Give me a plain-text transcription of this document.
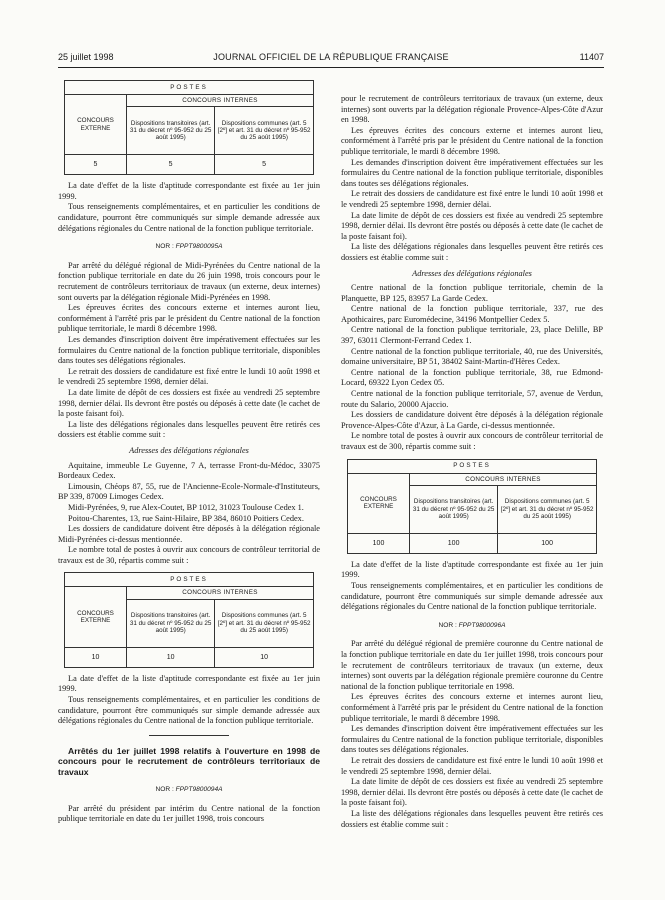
25 juillet 1998	JOURNAL OFFICIEL DE LA RÉPUBLIQUE FRANÇAISE	11407
POSTES		
CONCOURS EXTERNE	CONCOURS INTERNES	
	Dispositions transitoires (art. 31 du décret nº 95-952 du 25 août 1995)	Dispositions communes (art. 5 [2º] et art. 31 du décret nº 95-952 du 25 août 1995)
5	5	5

La date d'effet de la liste d'aptitude correspondante est fixée au 1er juin 1999.

Tous renseignements complémentaires, et en particulier les conditions de candidature, pourront être communiqués sur simple demande adressée aux délégations régionales du Centre national de la fonction publique territoriale.

NOR : FPPT9800095A

Par arrêté du délégué régional de Midi-Pyrénées du Centre national de la fonction publique territoriale en date du 26 juin 1998, trois concours pour le recrutement de contrôleurs territoriaux de travaux (un externe, deux internes) sont ouverts par la délégation régionale Midi-Pyrénées en 1998.

Les épreuves écrites des concours externe et internes auront lieu, conformément à l'arrêté pris par le président du Centre national de la fonction publique territoriale, le mardi 8 décembre 1998.

Les demandes d'inscription doivent être impérativement effectuées sur les formulaires du Centre national de la fonction publique territoriale, disponibles dans toutes ses délégations régionales.

Le retrait des dossiers de candidature est fixé entre le lundi 10 août 1998 et le vendredi 25 septembre 1998, dernier délai.

La date limite de dépôt de ces dossiers est fixée au vendredi 25 septembre 1998, dernier délai. Ils devront être postés ou déposés à cette date (le cachet de la poste faisant foi).

La liste des délégations régionales dans lesquelles peuvent être retirés ces dossiers est établie comme suit :

Adresses des délégations régionales

Aquitaine, immeuble Le Guyenne, 7 A, terrasse Front-du-Médoc, 33075 Bordeaux Cedex.

Limousin, Chéops 87, 55, rue de l'Ancienne-Ecole-Normale-d'Instituteurs, BP 339, 87009 Limoges Cedex.

Midi-Pyrénées, 9, rue Alex-Coutet, BP 1012, 31023 Toulouse Cedex 1.

Poitou-Charentes, 13, rue Saint-Hilaire, BP 384, 86010 Poitiers Cedex.

Les dossiers de candidature doivent être déposés à la délégation régionale Midi-Pyrénées ci-dessus mentionnée.

Le nombre total de postes à ouvrir aux concours de contrôleur territorial de travaux est de 30, répartis comme suit :

POSTES		
CONCOURS EXTERNE	CONCOURS INTERNES	
	Dispositions transitoires (art. 31 du décret nº 95-952 du 25 août 1995)	Dispositions communes (art. 5 [2º] et art. 31 du décret nº 95-952 du 25 août 1995)
10	10	10

La date d'effet de la liste d'aptitude correspondante est fixée au 1er juin 1999.

Tous renseignements complémentaires, et en particulier les conditions de candidature, pourront être communiqués sur simple demande adressée aux délégations régionales du Centre national de la fonction publique territoriale.

Arrêtés du 1er juillet 1998 relatifs à l'ouverture en 1998 de concours pour le recrutement de contrôleurs territoriaux de travaux

NOR : FPPT9800094A

Par arrêté du président par intérim du Centre national de la fonction publique territoriale en date du 1er juillet 1998, trois concours

pour le recrutement de contrôleurs territoriaux de travaux (un externe, deux internes) sont ouverts par la délégation régionale Provence-Alpes-Côte d'Azur en 1998.

Les épreuves écrites des concours externe et internes auront lieu, conformément à l'arrêté pris par le président du Centre national de la fonction publique territoriale, le mardi 8 décembre 1998.

Les demandes d'inscription doivent être impérativement effectuées sur les formulaires du Centre national de la fonction publique territoriale, disponibles dans toutes ses délégations régionales.

Le retrait des dossiers de candidature est fixé entre le lundi 10 août 1998 et le vendredi 25 septembre 1998, dernier délai.

La date limite de dépôt de ces dossiers est fixée au vendredi 25 septembre 1998, dernier délai. Ils devront être postés ou déposés à cette date (le cachet de la poste faisant foi).

La liste des délégations régionales dans lesquelles peuvent être retirés ces dossiers est établie comme suit :

Adresses des délégations régionales

Centre national de la fonction publique territoriale, chemin de la Planquette, BP 125, 83957 La Garde Cedex.

Centre national de la fonction publique territoriale, 337, rue des Apothicaires, parc Euromédecine, 34196 Montpellier Cedex 5.

Centre national de la fonction publique territoriale, 23, place Delille, BP 397, 63011 Clermont-Ferrand Cedex 1.

Centre national de la fonction publique territoriale, 40, rue des Universités, domaine universitaire, BP 51, 38402 Saint-Martin-d'Hères Cedex.

Centre national de la fonction publique territoriale, 38, rue Edmond-Locard, 69322 Lyon Cedex 05.

Centre national de la fonction publique territoriale, 57, avenue de Verdun, route du Salario, 20000 Ajaccio.

Les dossiers de candidature doivent être déposés à la délégation régionale Provence-Alpes-Côte d'Azur, à La Garde, ci-dessus mentionnée.

Le nombre total de postes à ouvrir aux concours de contrôleur territorial de travaux est de 300, répartis comme suit :

POSTES		
CONCOURS EXTERNE	CONCOURS INTERNES	
	Dispositions transitoires (art. 31 du décret nº 95-952 du 25 août 1995)	Dispositions communes (art. 5 [2º] et art. 31 du décret nº 95-952 du 25 août 1995)
100	100	100

La date d'effet de la liste d'aptitude correspondante est fixée au 1er juin 1999.

Tous renseignements complémentaires, et en particulier les conditions de candidature, pourront être communiqués sur simple demande adressée aux délégations régionales du Centre national de la fonction publique territoriale.

NOR : FPPT9800096A

Par arrêté du délégué régional de première couronne du Centre national de la fonction publique territoriale en date du 1er juillet 1998, trois concours pour le recrutement de contrôleurs territoriaux de travaux (un externe, deux internes) sont ouverts par la délégation régionale première couronne du Centre national de la fonction publique territoriale en 1998.

Les épreuves écrites des concours externe et internes auront lieu, conformément à l'arrêté pris par le président du Centre national de la fonction publique territoriale, le mardi 8 décembre 1998.

Les demandes d'inscription doivent être impérativement effectuées sur les formulaires du Centre national de la fonction publique territoriale, disponibles dans toutes ses délégations régionales.

Le retrait des dossiers de candidature est fixé entre le lundi 10 août 1998 et le vendredi 25 septembre 1998, dernier délai.

La date limite de dépôt de ces dossiers est fixée au vendredi 25 septembre 1998, dernier délai. Ils devront être postés ou déposés à cette date (le cachet de la poste faisant foi).

La liste des délégations régionales dans lesquelles peuvent être retirés ces dossiers est établie comme suit :
